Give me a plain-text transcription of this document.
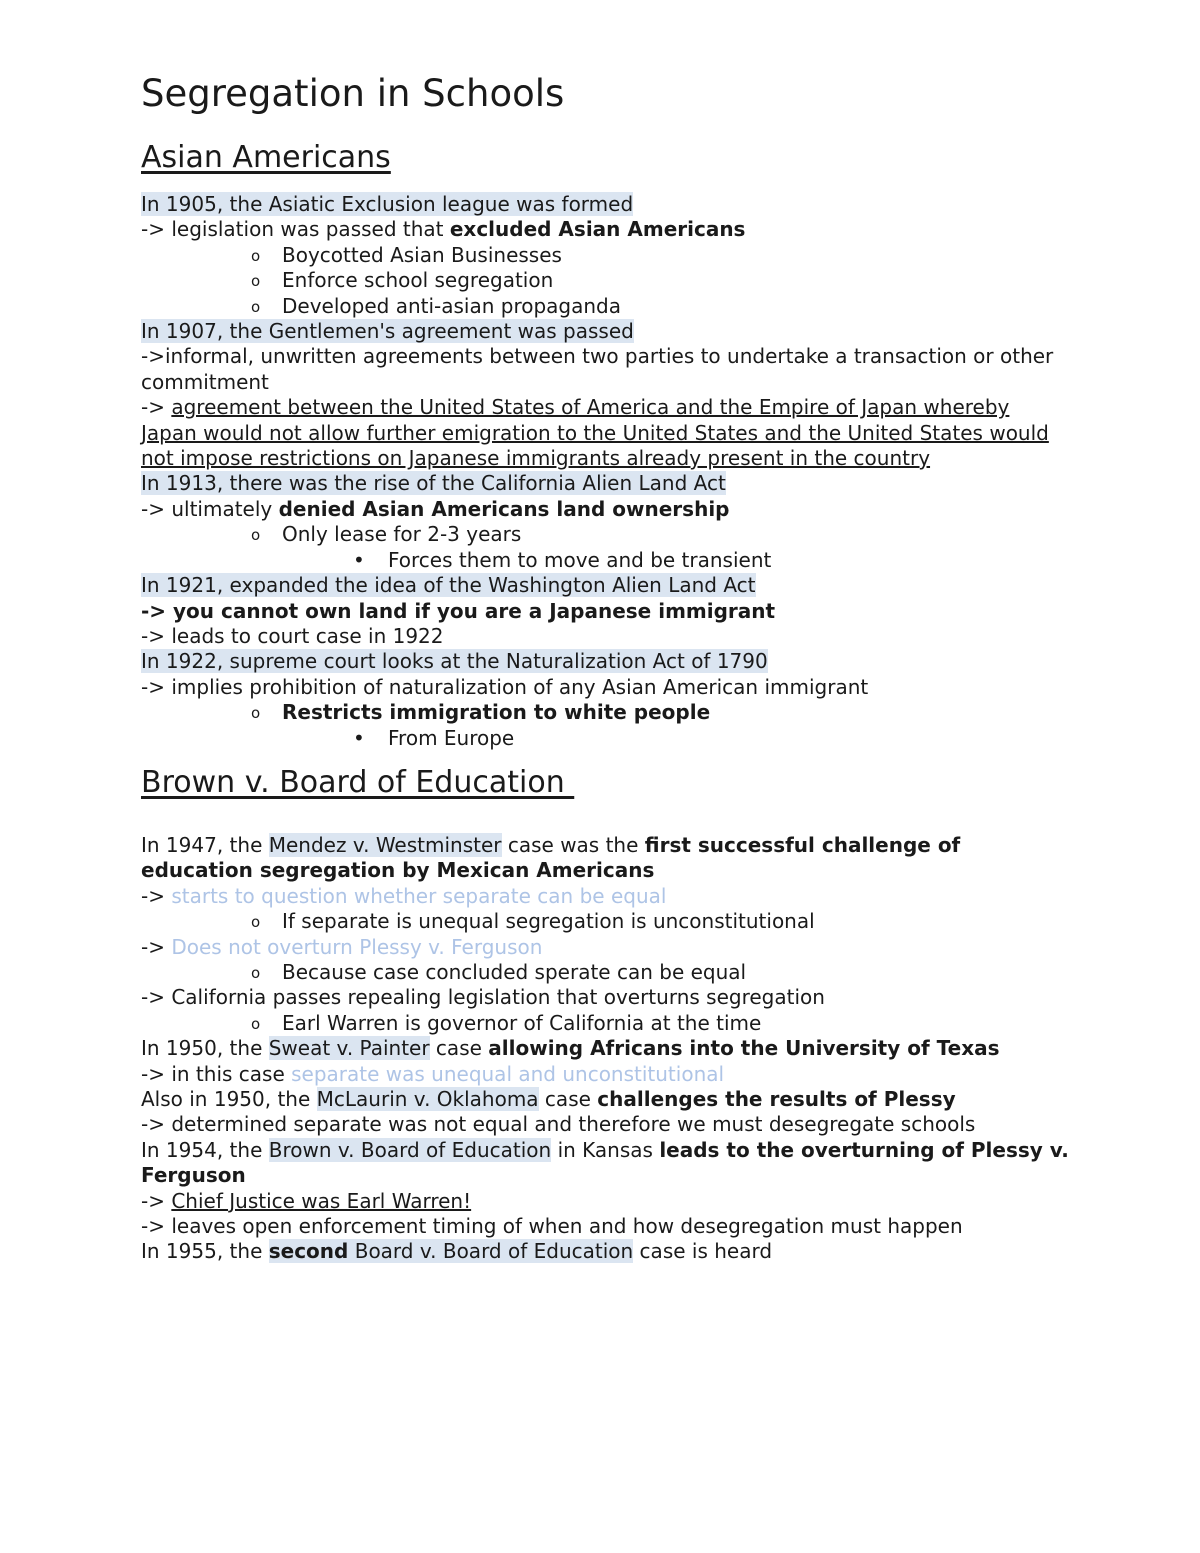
Segregation in Schools
Asian Americans
In 1905, the Asiatic Exclusion league was formed
-> legislation was passed that excluded Asian Americans
o Boycotted Asian Businesses
o Enforce school segregation
o Developed anti-asian propaganda
In 1907, the Gentlemen's agreement was passed
->informal, unwritten agreements between two parties to undertake a transaction or other commitment
-> agreement between the United States of America and the Empire of Japan whereby Japan would not allow further emigration to the United States and the United States would not impose restrictions on Japanese immigrants already present in the country
In 1913, there was the rise of the California Alien Land Act
-> ultimately denied Asian Americans land ownership
o Only lease for 2-3 years
• Forces them to move and be transient
In 1921, expanded the idea of the Washington Alien Land Act
-> you cannot own land if you are a Japanese immigrant
-> leads to court case in 1922
In 1922, supreme court looks at the Naturalization Act of 1790
-> implies prohibition of naturalization of any Asian American immigrant
o Restricts immigration to white people
• From Europe
Brown v. Board of Education
In 1947, the Mendez v. Westminster case was the first successful challenge of education segregation by Mexican Americans
-> starts to question whether separate can be equal
o If separate is unequal segregation is unconstitutional
-> Does not overturn Plessy v. Ferguson
o Because case concluded sperate can be equal
-> California passes repealing legislation that overturns segregation
o Earl Warren is governor of California at the time
In 1950, the Sweat v. Painter case allowing Africans into the University of Texas
-> in this case separate was unequal and unconstitutional
Also in 1950, the McLaurin v. Oklahoma case challenges the results of Plessy
-> determined separate was not equal and therefore we must desegregate schools
In 1954, the Brown v. Board of Education in Kansas leads to the overturning of Plessy v. Ferguson
-> Chief Justice was Earl Warren!
-> leaves open enforcement timing of when and how desegregation must happen
In 1955, the second Board v. Board of Education case is heard
